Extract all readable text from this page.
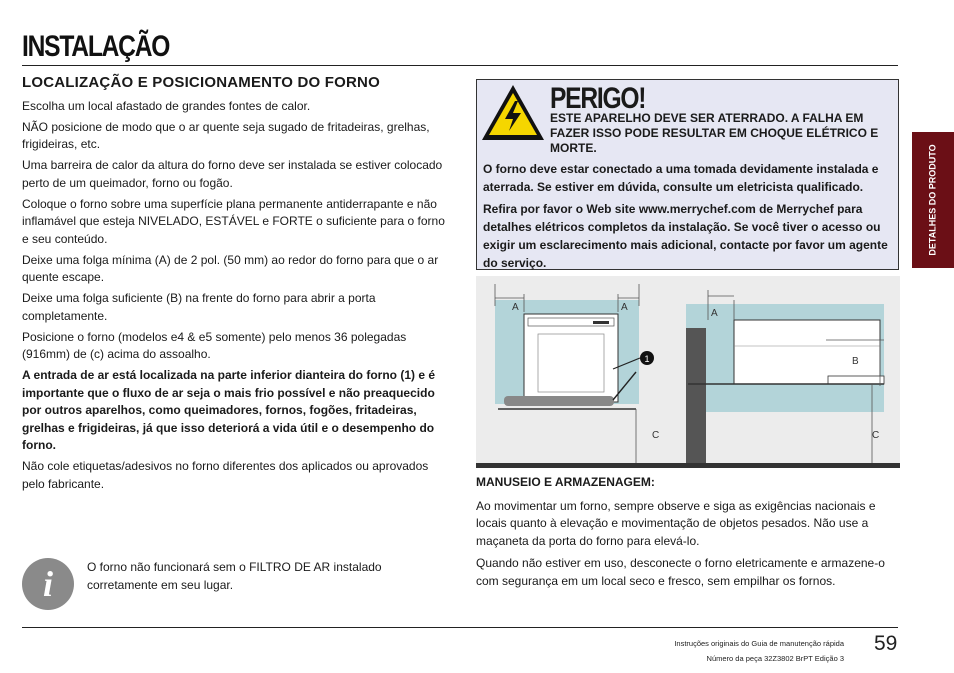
INSTALAÇÃO
LOCALIZAÇÃO E POSICIONAMENTO DO FORNO

Escolha um local afastado de grandes fontes de calor.

NÃO posicione de modo que o ar quente seja sugado de fritadeiras, grelhas, frigideiras, etc.

Uma barreira de calor da altura do forno deve ser instalada se estiver colocado perto de um queimador, forno ou fogão.

Coloque o forno sobre uma superfície plana permanente antiderrapante e não inflamável que esteja NIVELADO, ESTÁVEL e FORTE o suficiente para o forno e seu conteúdo.

Deixe uma folga mínima (A) de 2 pol. (50 mm) ao redor do forno para que o ar quente escape.

Deixe uma folga suficiente (B) na frente do forno para abrir a porta completamente.

Posicione o forno (modelos e4 & e5 somente) pelo menos 36 polegadas (916mm) de (c) acima do assoalho.

A entrada de ar está localizada na parte inferior dianteira do forno (1) e é importante que o fluxo de ar seja o mais frio possível e não preaquecido por outros aparelhos, como queimadores, fornos, fogões, fritadeiras, grelhas e frigideiras, já que isso deteriorá a vida útil e o desempenho do forno.

Não cole etiquetas/adesivos no forno diferentes dos aplicados ou aprovados pelo fabricante.

i	O forno não funcionará sem o FILTRO DE AR instalado corretamente em seu lugar.
PERIGO!
ESTE APARELHO DEVE SER ATERRADO. A FALHA EM FAZER ISSO PODE RESULTAR EM CHOQUE ELÉTRICO E MORTE.

O forno deve estar conectado a uma tomada devidamente instalada e aterrada. Se estiver em dúvida, consulte um eletricista qualificado.

Refira por favor o Web site www.merrychef.com de Merrychef para detalhes elétricos completos da instalação. Se você tiver o acesso ou exigir um esclarecimento mais adicional, contacte por favor um agente do serviço.

1
A	A
C
A
B
C
MANUSEIO E ARMAZENAGEM:

Ao movimentar um forno, sempre observe e siga as exigências nacionais e locais quanto à elevação e movimentação de objetos pesados. Não use a maçaneta da porta do forno para elevá-lo.

Quando não estiver em uso, desconecte o forno eletricamente e armazene-o com segurança em um local seco e fresco, sem empilhar os fornos.

DETALHES DO PRODUTO
Instruções originais do Guia de manutenção rápida
Número da peça 32Z3802 BrPT Edição 3
59
